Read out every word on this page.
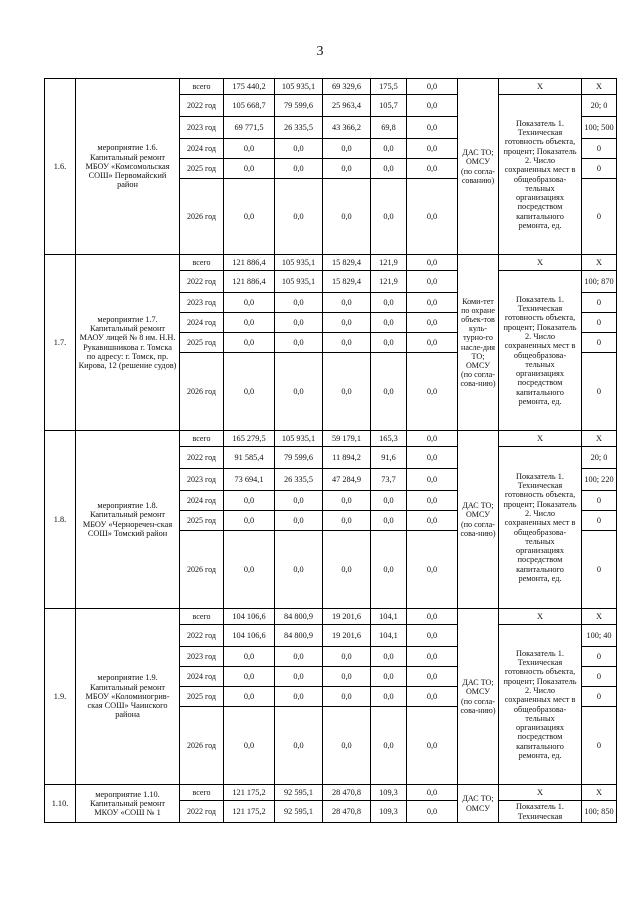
3
1.6.	мероприятие 1.6. Капитальный ремонт МБОУ «Комсомольская СОШ» Первомайский район	всего	175 440,2	105 935,1	69 329,6	175,5	0,0	ДАС ТО; ОМСУ (по согла-сованию)	Х	Х
		2022 год	105 668,7	79 599,6	25 963,4	105,7	0,0		Показатель 1. Техническая готовность объекта, процент; Показатель 2. Число сохраненных мест в общеобразова-тельных организациях посредством капитального ремонта, ед.	20; 0
		2023 год	69 771,5	26 335,5	43 366,2	69,8	0,0			100; 500
		2024 год	0,0	0,0	0,0	0,0	0,0			0
		2025 год	0,0	0,0	0,0	0,0	0,0			0
		2026 год	0,0	0,0	0,0	0,0	0,0			0
1.7.	мероприятие 1.7. Капитальный ремонт МАОУ лицей № 8 им. Н.Н. Рукавишникова г. Томска по адресу: г. Томск, пр. Кирова, 12 (решение судов)	всего	121 886,4	105 935,1	15 829,4	121,9	0,0	Коми-тет по охране объек-тов куль-турно-го насле-дия ТО; ОМСУ (по согла-сова-нию)	Х	Х
		2022 год	121 886,4	105 935,1	15 829,4	121,9	0,0		Показатель 1. Техническая готовность объекта, процент; Показатель 2. Число сохраненных мест в общеобразова-тельных организациях посредством капитального ремонта, ед.	100; 870
		2023 год	0,0	0,0	0,0	0,0	0,0			0
		2024 год	0,0	0,0	0,0	0,0	0,0			0
		2025 год	0,0	0,0	0,0	0,0	0,0			0
		2026 год	0,0	0,0	0,0	0,0	0,0			0
1.8.	мероприятие 1.8. Капитальный ремонт МБОУ «Черноречен-ская СОШ» Томский район	всего	165 279,5	105 935,1	59 179,1	165,3	0,0	ДАС ТО; ОМСУ (по согла-сова-нию)	Х	Х
		2022 год	91 585,4	79 599,6	11 894,2	91,6	0,0		Показатель 1. Техническая готовность объекта, процент; Показатель 2. Число сохраненных мест в общеобразова-тельных организациях посредством капитального ремонта, ед.	20; 0
		2023 год	73 694,1	26 335,5	47 284,9	73,7	0,0			100; 220
		2024 год	0,0	0,0	0,0	0,0	0,0			0
		2025 год	0,0	0,0	0,0	0,0	0,0			0
		2026 год	0,0	0,0	0,0	0,0	0,0			0
1.9.	мероприятие 1.9. Капитальный ремонт МБОУ «Коломиногрив-ская СОШ» Чаинского района	всего	104 106,6	84 800,9	19 201,6	104,1	0,0	ДАС ТО; ОМСУ (по согла-сова-нию)	Х	Х
		2022 год	104 106,6	84 800,9	19 201,6	104,1	0,0		Показатель 1. Техническая готовность объекта, процент; Показатель 2. Число сохраненных мест в общеобразова-тельных организациях посредством капитального ремонта, ед.	100; 40
		2023 год	0,0	0,0	0,0	0,0	0,0			0
		2024 год	0,0	0,0	0,0	0,0	0,0			0
		2025 год	0,0	0,0	0,0	0,0	0,0			0
		2026 год	0,0	0,0	0,0	0,0	0,0			0
1.10.	мероприятие 1.10. Капитальный ремонт МКОУ «СОШ № 1	всего	121 175,2	92 595,1	28 470,8	109,3	0,0	ДАС ТО; ОМСУ	Х	Х
		2022 год	121 175,2	92 595,1	28 470,8	109,3	0,0		Показатель 1. Техническая	100; 850
